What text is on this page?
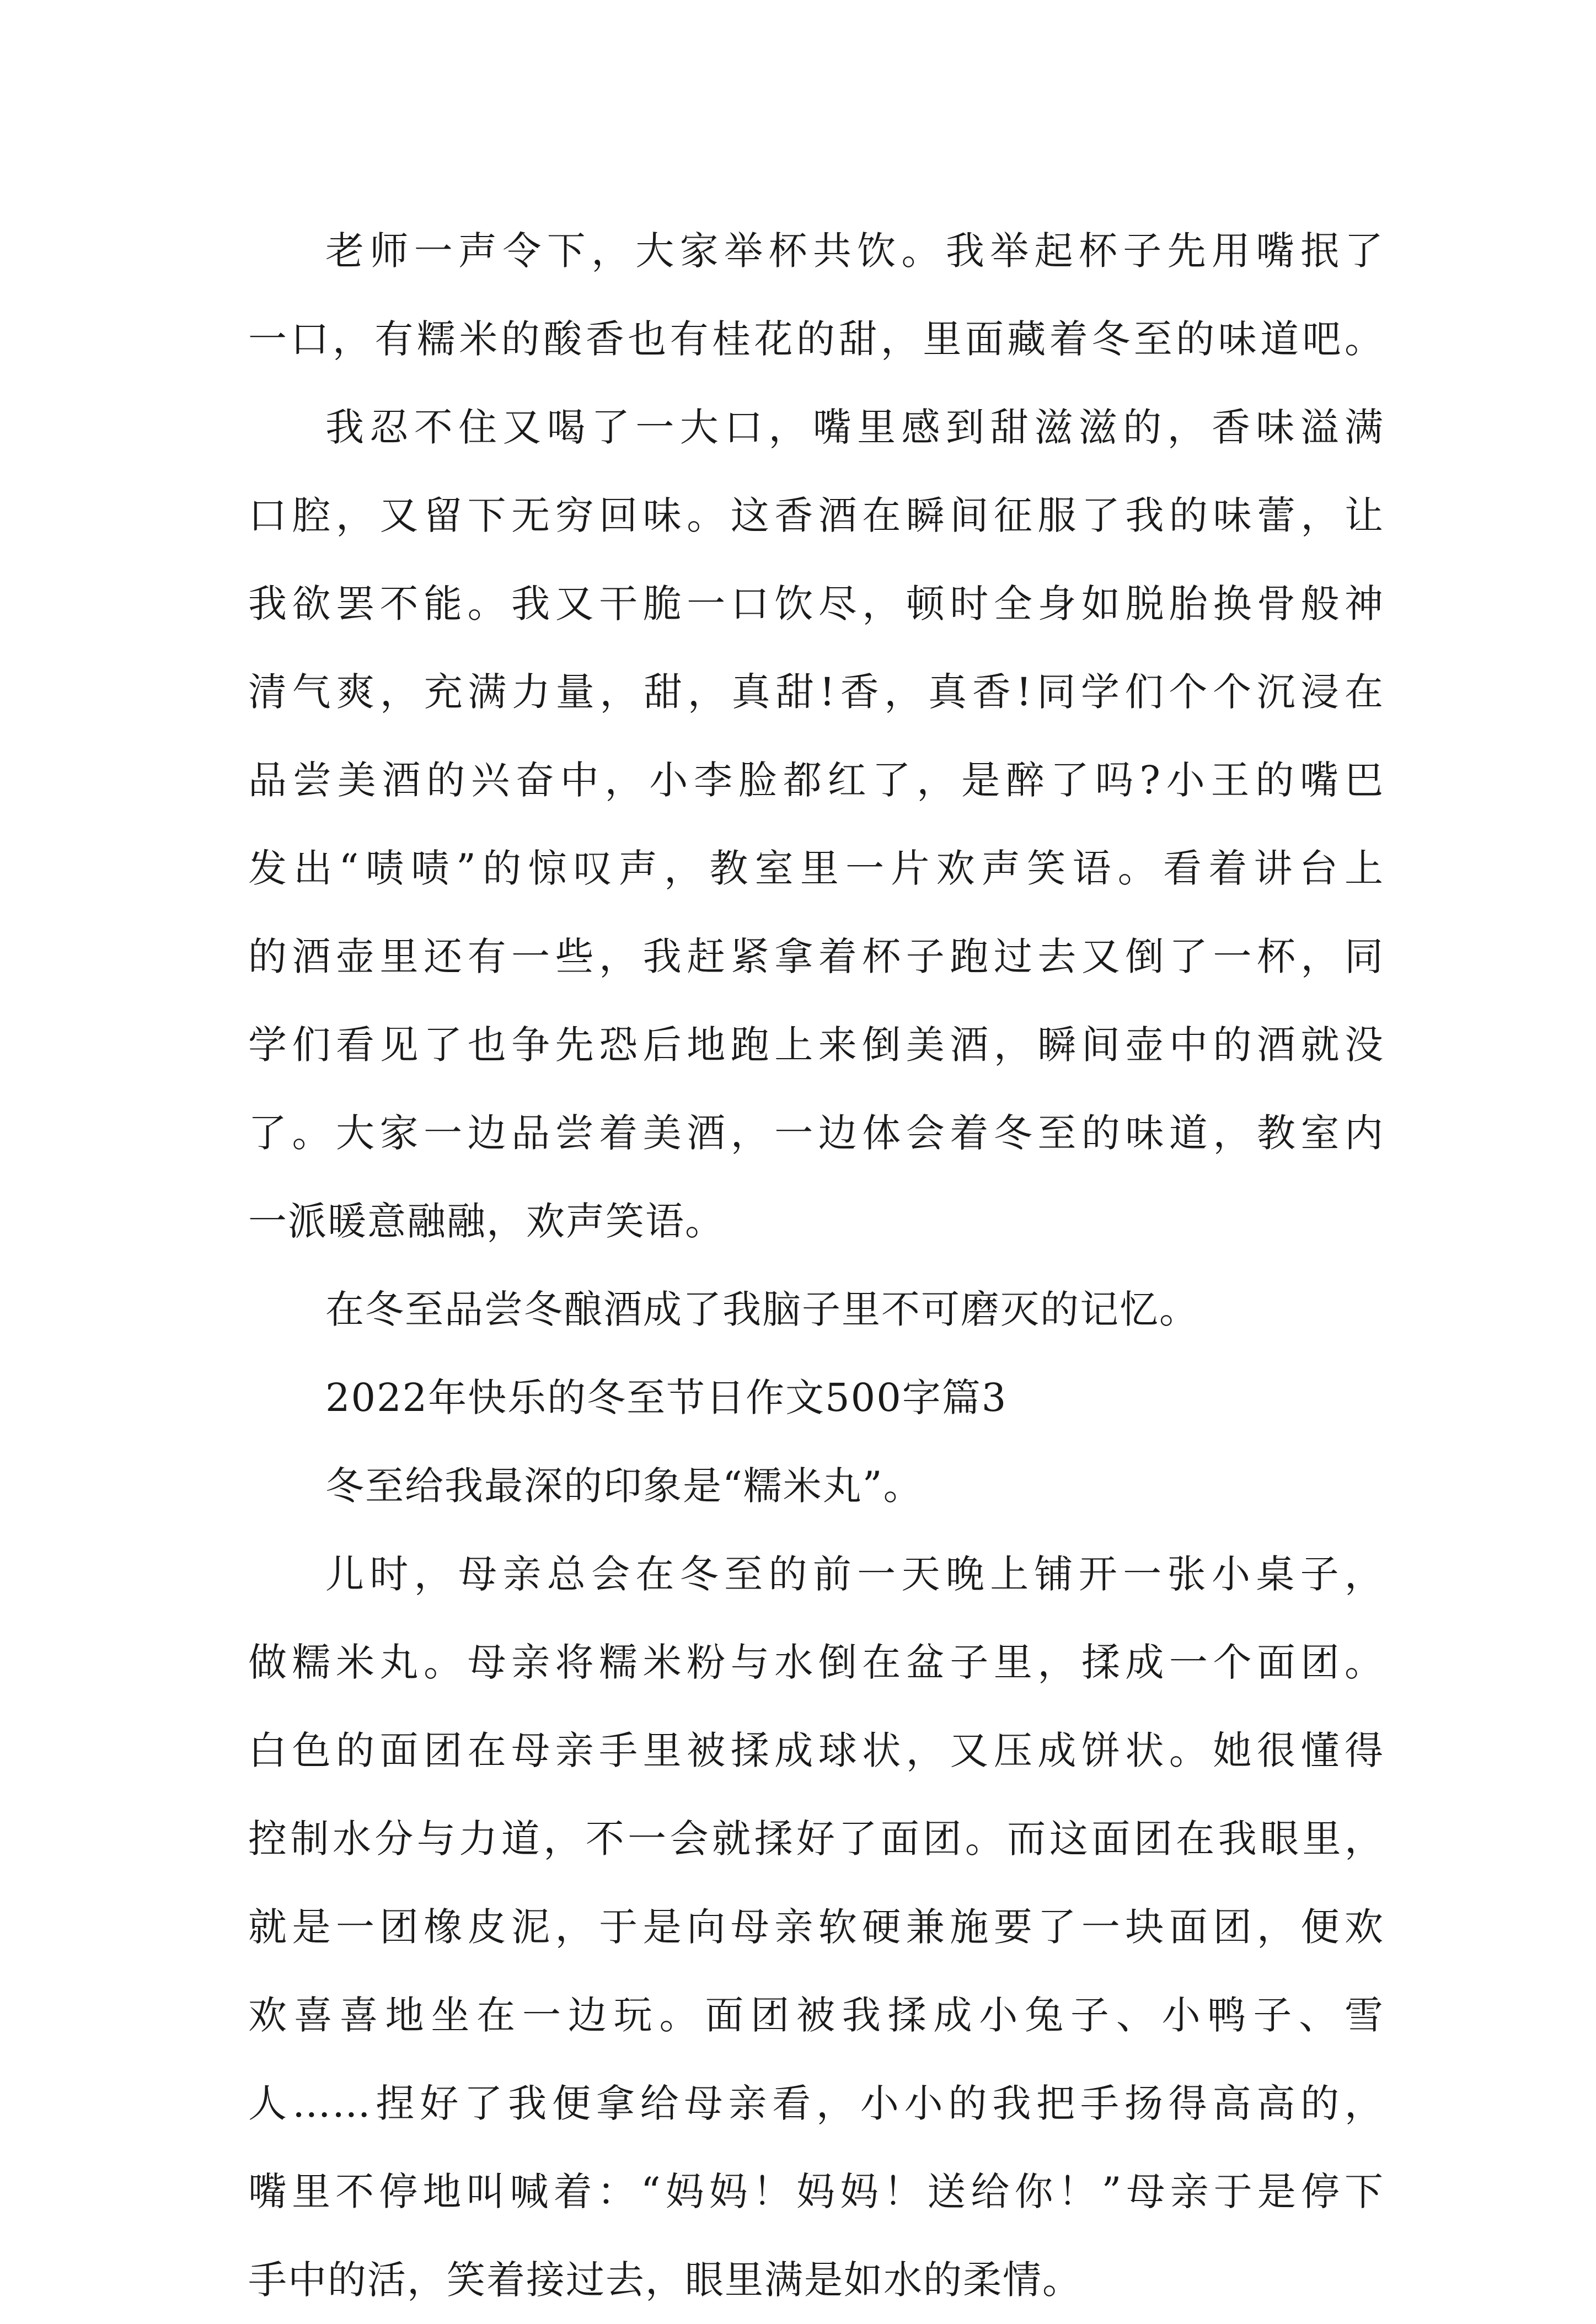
老师一声令下，大家举杯共饮。我举起杯子先用嘴抿了
一口，有糯米的酸香也有桂花的甜，里面藏着冬至的味道吧。
我忍不住又喝了一大口，嘴里感到甜滋滋的，香味溢满
口腔，又留下无穷回味。这香酒在瞬间征服了我的味蕾，让
我欲罢不能。我又干脆一口饮尽，顿时全身如脱胎换骨般神
清气爽，充满力量，甜，真甜!香，真香!同学们个个沉浸在
品尝美酒的兴奋中，小李脸都红了，是醉了吗?小王的嘴巴
发出“啧啧”的惊叹声，教室里一片欢声笑语。看着讲台上
的酒壶里还有一些，我赶紧拿着杯子跑过去又倒了一杯，同
学们看见了也争先恐后地跑上来倒美酒，瞬间壶中的酒就没
了。大家一边品尝着美酒，一边体会着冬至的味道，教室内
一派暖意融融，欢声笑语。
在冬至品尝冬酿酒成了我脑子里不可磨灭的记忆。
2022年快乐的冬至节日作文500字篇3
冬至给我最深的印象是“糯米丸”。
儿时，母亲总会在冬至的前一天晚上铺开一张小桌子，
做糯米丸。母亲将糯米粉与水倒在盆子里，揉成一个面团。
白色的面团在母亲手里被揉成球状，又压成饼状。她很懂得
控制水分与力道，不一会就揉好了面团。而这面团在我眼里，
就是一团橡皮泥，于是向母亲软硬兼施要了一块面团，便欢
欢喜喜地坐在一边玩。面团被我揉成小兔子、小鸭子、雪
人……捏好了我便拿给母亲看，小小的我把手扬得高高的，
嘴里不停地叫喊着：“妈妈！妈妈！送给你！”母亲于是停下
手中的活，笑着接过去，眼里满是如水的柔情。
